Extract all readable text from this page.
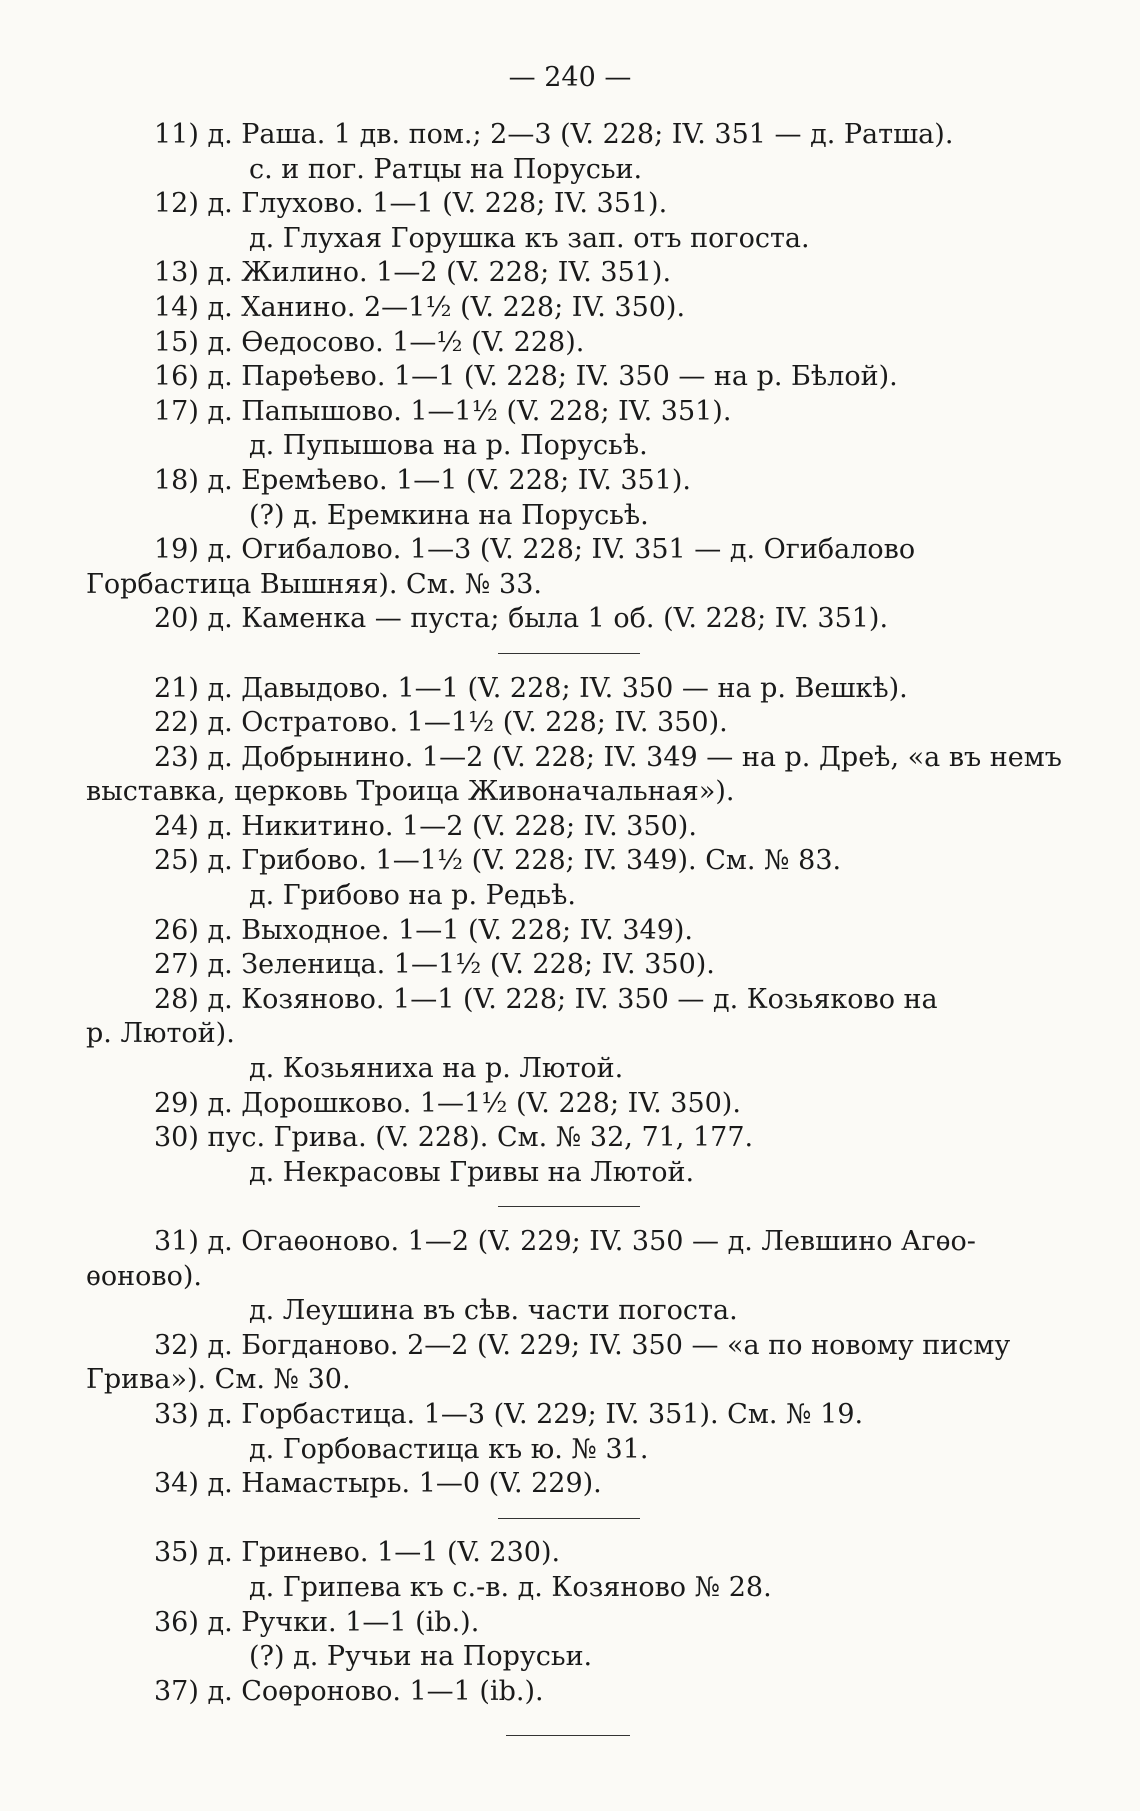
— 240 —
11) д. Раша. 1 дв. пом.; 2—3 (V. 228; IV. 351 — д. Ратша).
с. и пог. Ратцы на Порусьи.
12) д. Глухово. 1—1 (V. 228; IV. 351).
д. Глухая Горушка къ зап. отъ погоста.
13) д. Жилино. 1—2 (V. 228; IV. 351).
14) д. Ханино. 2—1½ (V. 228; IV. 350).
15) д. Ѳедосово. 1—½ (V. 228).
16) д. Парѳѣево. 1—1 (V. 228; IV. 350 — на р. Бѣлой).
17) д. Папышово. 1—1½ (V. 228; IV. 351).
д. Пупышова на р. Порусьѣ.
18) д. Еремѣево. 1—1 (V. 228; IV. 351).
(?) д. Еремкина на Порусьѣ.
19) д. Огибалово. 1—3 (V. 228; IV. 351 — д. Огибалово
Горбастица Вышняя). См. № 33.
20) д. Каменка — пуста; была 1 об. (V. 228; IV. 351).
21) д. Давыдово. 1—1 (V. 228; IV. 350 — на р. Вешкѣ).
22) д. Остратово. 1—1½ (V. 228; IV. 350).
23) д. Добрынино. 1—2 (V. 228; IV. 349 — на р. Дреѣ, «а въ немъ
выставка, церковь Троица Живоначальная»).
24) д. Никитино. 1—2 (V. 228; IV. 350).
25) д. Грибово. 1—1½ (V. 228; IV. 349). См. № 83.
д. Грибово на р. Редьѣ.
26) д. Выходное. 1—1 (V. 228; IV. 349).
27) д. Зеленица. 1—1½ (V. 228; IV. 350).
28) д. Козяново. 1—1 (V. 228; IV. 350 — д. Козьяково на
р. Лютой).
д. Козьяниха на р. Лютой.
29) д. Дорошково. 1—1½ (V. 228; IV. 350).
30) пус. Грива. (V. 228). См. № 32, 71, 177.
д. Некрасовы Гривы на Лютой.
31) д. Огаѳоново. 1—2 (V. 229; IV. 350 — д. Левшино Агѳо-
ѳоново).
д. Леушина въ сѣв. части погоста.
32) д. Богданово. 2—2 (V. 229; IV. 350 — «а по новому писму
Грива»). См. № 30.
33) д. Горбастица. 1—3 (V. 229; IV. 351). См. № 19.
д. Горбовастица къ ю. № 31.
34) д. Намастырь. 1—0 (V. 229).
35) д. Гринево. 1—1 (V. 230).
д. Грипева къ с.-в. д. Козяново № 28.
36) д. Ручки. 1—1 (ib.).
(?) д. Ручьи на Порусьи.
37) д. Соѳроново. 1—1 (ib.).
